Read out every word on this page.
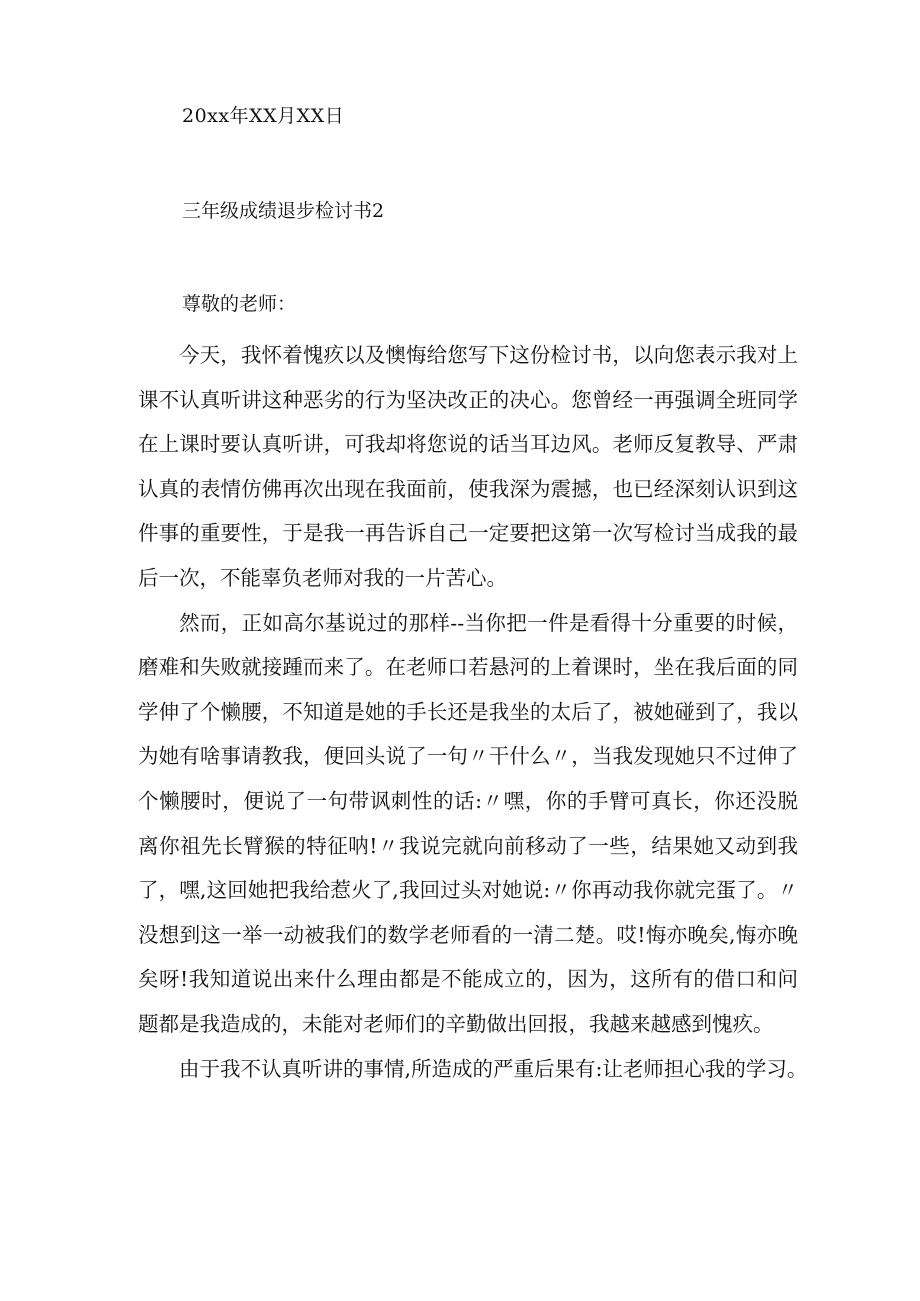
20xx年XX月XX日
三年级成绩退步检讨书2
尊敬的老师：

今天，我怀着愧疚以及懊悔给您写下这份检讨书，以向您表示我对上课不认真听讲这种恶劣的行为坚决改正的决心。您曾经一再强调全班同学在上课时要认真听讲，可我却将您说的话当耳边风。老师反复教导、严肃认真的表情仿佛再次出现在我面前，使我深为震撼，也已经深刻认识到这件事的重要性，于是我一再告诉自己一定要把这第一次写检讨当成我的最后一次，不能辜负老师对我的一片苦心。

然而，正如高尔基说过的那样--当你把一件是看得十分重要的时候，磨难和失败就接踵而来了。在老师口若悬河的上着课时，坐在我后面的同学伸了个懒腰，不知道是她的手长还是我坐的太后了，被她碰到了，我以为她有啥事请教我，便回头说了一句〃干什么〃，当我发现她只不过伸了个懒腰时，便说了一句带讽刺性的话:〃嘿，你的手臂可真长，你还没脱离你祖先长臂猴的特征呐!〃我说完就向前移动了一些，结果她又动到我了，嘿,这回她把我给惹火了,我回过头对她说:〃你再动我你就完蛋了。〃没想到这一举一动被我们的数学老师看的一清二楚。哎!悔亦晚矣,悔亦晚矣呀!我知道说出来什么理由都是不能成立的，因为，这所有的借口和问题都是我造成的，未能对老师们的辛勤做出回报，我越来越感到愧疚。

由于我不认真听讲的事情,所造成的严重后果有:让老师担心我的学习。
